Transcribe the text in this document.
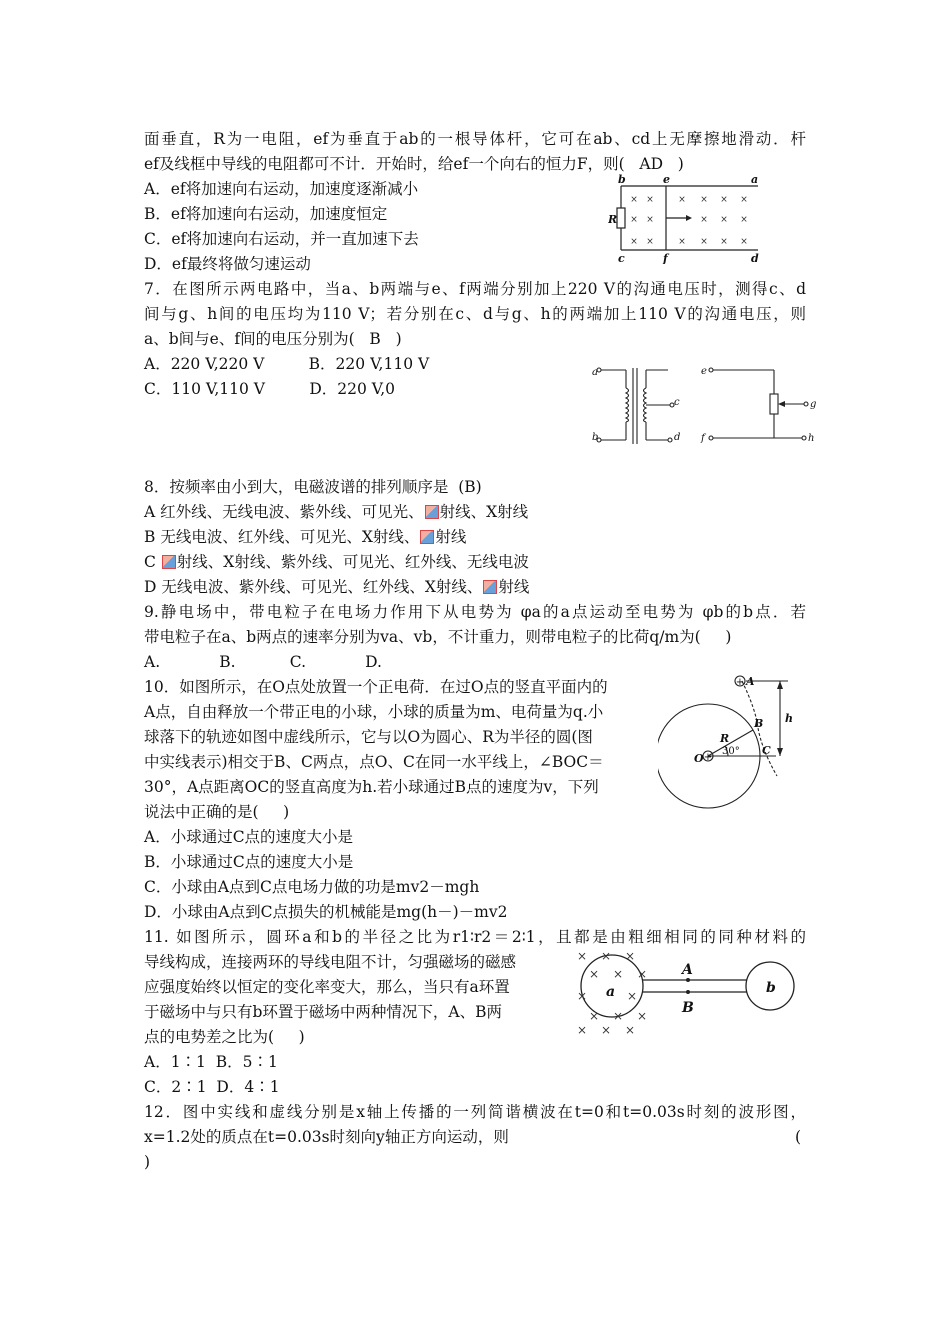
面垂直，R为一电阻，ef为垂直于ab的一根导体杆，它可在ab、cd上无摩擦地滑动．杆
ef及线框中导线的电阻都可不计．开始时，给ef一个向右的恒力F，则(   AD   )
A．ef将加速向右运动，加速度逐渐减小
B．ef将加速向右运动，加速度恒定
C．ef将加速向右运动，并一直加速下去
D．ef最终将做匀速运动
× ×	× × × ×
× ×	× × ×
× ×	× × × ×
b	e	a
R
c	f	d
7．在图所示两电路中，当a、b两端与e、f两端分别加上220 V的沟通电压时，测得c、d
间与g、h间的电压均为110 V；若分别在c、d与g、h的两端加上110 V的沟通电压，则
a、b间与e、f间的电压分别为(   B   )
A．220 V,220 V         B．220 V,110 V
C．110 V,110 V         D．220 V,0
a
b
c
d
e
f
g
h
8．按频率由小到大，电磁波谱的排列顺序是  (B)
A 红外线、无线电波、紫外线、可见光、 射线、X射线
B 无线电波、红外线、可见光、X射线、 射线
C 射线、X射线、紫外线、可见光、红外线、无线电波
D 无线电波、紫外线、可见光、红外线、X射线、 射线
9.静电场中，带电粒子在电场力作用下从电势为 φa的a点运动至电势为 φb的b点．若
带电粒子在a、b两点的速率分别为va、vb，不计重力，则带电粒子的比荷q/m为(     )
A.            B.           C.            D.
10．如图所示，在O点处放置一个正电荷．在过O点的竖直平面内的
A点，自由释放一个带正电的小球，小球的质量为m、电荷量为q.小
球落下的轨迹如图中虚线所示，它与以O为圆心、R为半径的圆(图
中实线表示)相交于B、C两点，点O、C在同一水平线上，∠BOC＝
30°，A点距离OC的竖直高度为h.若小球通过B点的速度为v，下列
说法中正确的是(     )
A．小球通过C点的速度大小是
B．小球通过C点的速度大小是
C．小球由A点到C点电场力做的功是mv2－mgh
D．小球由A点到C点损失的机械能是mg(h－)－mv2
+
+ A
B
R
O
C
h
30°
11. 如图所示，圆环a和b的半径之比为r1∶r2＝2∶1，且都是由粗细相同的同种材料的
导线构成，连接两环的导线电阻不计，匀强磁场的磁感
应强度始终以恒定的变化率变大，那么，当只有a环置
于磁场中与只有b环置于磁场中两种情况下，A、B两
点的电势差之比为(     )
A．1∶1  B．5∶1
C．2∶1  D．4∶1
× × ×
× × ×
×	×
× × ×
× × ×
a	b
A
B
12．图中实线和虚线分别是x轴上传播的一列简谐横波在t=0和t=0.03s时刻的波形图，
x=1.2处的质点在t=0.03s时刻向y轴正方向运动，则	(
)
